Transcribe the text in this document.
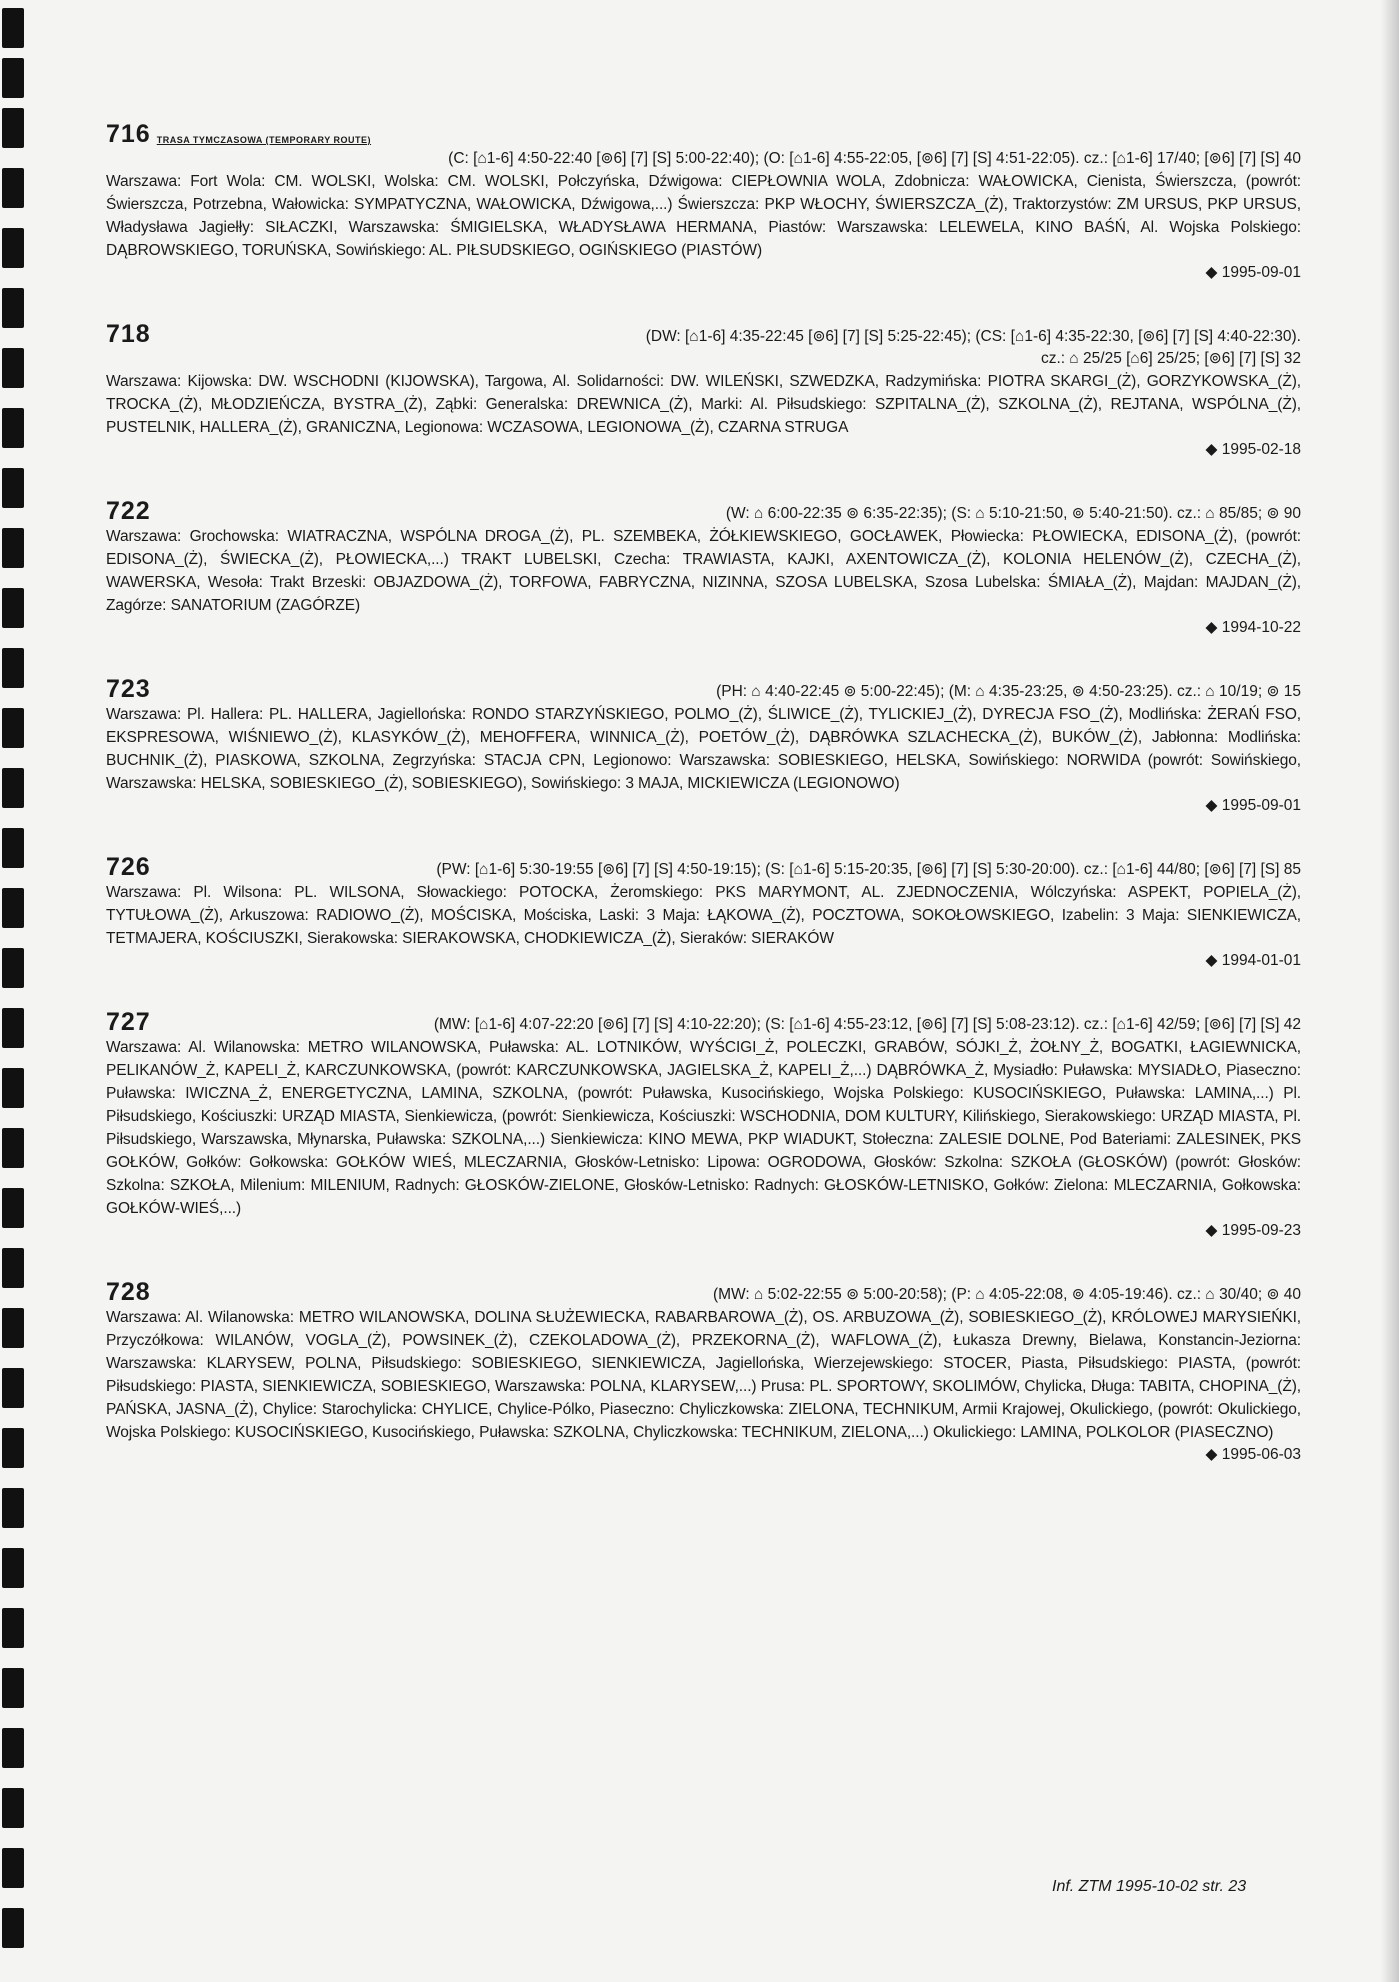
716 TRASA TYMCZASOWA (TEMPORARY ROUTE)
(C: [⌂1-6] 4:50-22:40 [⊚6] [7] [S] 5:00-22:40); (O: [⌂1-6] 4:55-22:05, [⊚6] [7] [S] 4:51-22:05). cz.: [⌂1-6] 17/40; [⊚6] [7] [S] 40
Warszawa: Fort Wola: CM. WOLSKI, Wolska: CM. WOLSKI, Połczyńska, Dźwigowa: CIEPŁOWNIA WOLA, Zdobnicza: WAŁOWICKA, Cienista, Świerszcza, (powrót: Świerszcza, Potrzebna, Wałowicka: SYMPATYCZNA, WAŁOWICKA, Dźwigowa,...) Świerszcza: PKP WŁOCHY, ŚWIERSZCZA_(Ż), Traktorzystów: ZM URSUS, PKP URSUS, Władysława Jagiełły: SIŁACZKI, Warszawska: ŚMIGIELSKA, WŁADYSŁAWA HERMANA, Piastów: Warszawska: LELEWELA, KINO BAŚŃ, Al. Wojska Polskiego: DĄBROWSKIEGO, TORUŃSKA, Sowińskiego: AL. PIŁSUDSKIEGO, OGIŃSKIEGO (PIASTÓW)
◆ 1995-09-01
718	(DW: [⌂1-6] 4:35-22:45 [⊚6] [7] [S] 5:25-22:45); (CS: [⌂1-6] 4:35-22:30, [⊚6] [7] [S] 4:40-22:30).
cz.: ⌂ 25/25 [⌂6] 25/25; [⊚6] [7] [S] 32
Warszawa: Kijowska: DW. WSCHODNI (KIJOWSKA), Targowa, Al. Solidarności: DW. WILEŃSKI, SZWEDZKA, Radzymińska: PIOTRA SKARGI_(Ż), GORZYKOWSKA_(Ż), TROCKA_(Ż), MŁODZIEŃCZA, BYSTRA_(Ż), Ząbki: Generalska: DREWNICA_(Ż), Marki: Al. Piłsudskiego: SZPITALNA_(Ż), SZKOLNA_(Ż), REJTANA, WSPÓLNA_(Ż), PUSTELNIK, HALLERA_(Ż), GRANICZNA, Legionowa: WCZASOWA, LEGIONOWA_(Ż), CZARNA STRUGA
◆ 1995-02-18
722	(W: ⌂ 6:00-22:35 ⊚ 6:35-22:35); (S: ⌂ 5:10-21:50, ⊚ 5:40-21:50). cz.: ⌂ 85/85; ⊚ 90
Warszawa: Grochowska: WIATRACZNA, WSPÓLNA DROGA_(Ż), PL. SZEMBEKA, ŻÓŁKIEWSKIEGO, GOCŁAWEK, Płowiecka: PŁOWIECKA, EDISONA_(Ż), (powrót: EDISONA_(Ż), ŚWIECKA_(Ż), PŁOWIECKA,...) TRAKT LUBELSKI, Czecha: TRAWIASTA, KAJKI, AXENTOWICZA_(Ż), KOLONIA HELENÓW_(Ż), CZECHA_(Ż), WAWERSKA, Wesoła: Trakt Brzeski: OBJAZDOWA_(Ż), TORFOWA, FABRYCZNA, NIZINNA, SZOSA LUBELSKA, Szosa Lubelska: ŚMIAŁA_(Ż), Majdan: MAJDAN_(Ż), Zagórze: SANATORIUM (ZAGÓRZE)
◆ 1994-10-22
723	(PH: ⌂ 4:40-22:45 ⊚ 5:00-22:45); (M: ⌂ 4:35-23:25, ⊚ 4:50-23:25). cz.: ⌂ 10/19; ⊚ 15
Warszawa: Pl. Hallera: PL. HALLERA, Jagiellońska: RONDO STARZYŃSKIEGO, POLMO_(Ż), ŚLIWICE_(Ż), TYLICKIEJ_(Ż), DYRECJA FSO_(Ż), Modlińska: ŻERAŃ FSO, EKSPRESOWA, WIŚNIEWO_(Ż), KLASYKÓW_(Ż), MEHOFFERA, WINNICA_(Ż), POETÓW_(Ż), DĄBRÓWKA SZLACHECKA_(Ż), BUKÓW_(Ż), Jabłonna: Modlińska: BUCHNIK_(Ż), PIASKOWA, SZKOLNA, Zegrzyńska: STACJA CPN, Legionowo: Warszawska: SOBIESKIEGO, HELSKA, Sowińskiego: NORWIDA (powrót: Sowińskiego, Warszawska: HELSKA, SOBIESKIEGO_(Ż), SOBIESKIEGO), Sowińskiego: 3 MAJA, MICKIEWICZA (LEGIONOWO)
◆ 1995-09-01
726	(PW: [⌂1-6] 5:30-19:55 [⊚6] [7] [S] 4:50-19:15); (S: [⌂1-6] 5:15-20:35, [⊚6] [7] [S] 5:30-20:00). cz.: [⌂1-6] 44/80; [⊚6] [7] [S] 85
Warszawa: Pl. Wilsona: PL. WILSONA, Słowackiego: POTOCKA, Żeromskiego: PKS MARYMONT, AL. ZJEDNOCZENIA, Wólczyńska: ASPEKT, POPIELA_(Ż), TYTUŁOWA_(Ż), Arkuszowa: RADIOWO_(Ż), MOŚCISKA, Mościska, Laski: 3 Maja: ŁĄKOWA_(Ż), POCZTOWA, SOKOŁOWSKIEGO, Izabelin: 3 Maja: SIENKIEWICZA, TETMAJERA, KOŚCIUSZKI, Sierakowska: SIERAKOWSKA, CHODKIEWICZA_(Ż), Sieraków: SIERAKÓW
◆ 1994-01-01
727	(MW: [⌂1-6] 4:07-22:20 [⊚6] [7] [S] 4:10-22:20); (S: [⌂1-6] 4:55-23:12, [⊚6] [7] [S] 5:08-23:12). cz.: [⌂1-6] 42/59; [⊚6] [7] [S] 42
Warszawa: Al. Wilanowska: METRO WILANOWSKA, Puławska: AL. LOTNIKÓW, WYŚCIGI_Ż, POLECZKI, GRABÓW, SÓJKI_Ż, ŻOŁNY_Ż, BOGATKI, ŁAGIEWNICKA, PELIKANÓW_Ż, KAPELI_Ż, KARCZUNKOWSKA, (powrót: KARCZUNKOWSKA, JAGIELSKA_Ż, KAPELI_Ż,...) DĄBRÓWKA_Ż, Mysiadło: Puławska: MYSIADŁO, Piaseczno: Puławska: IWICZNA_Ż, ENERGETYCZNA, LAMINA, SZKOLNA, (powrót: Puławska, Kusocińskiego, Wojska Polskiego: KUSOCIŃSKIEGO, Puławska: LAMINA,...) Pl. Piłsudskiego, Kościuszki: URZĄD MIASTA, Sienkiewicza, (powrót: Sienkiewicza, Kościuszki: WSCHODNIA, DOM KULTURY, Kilińskiego, Sierakowskiego: URZĄD MIASTA, Pl. Piłsudskiego, Warszawska, Młynarska, Puławska: SZKOLNA,...) Sienkiewicza: KINO MEWA, PKP WIADUKT, Stołeczna: ZALESIE DOLNE, Pod Bateriami: ZALESINEK, PKS GOŁKÓW, Gołków: Gołkowska: GOŁKÓW WIEŚ, MLECZARNIA, Głosków-Letnisko: Lipowa: OGRODOWA, Głosków: Szkolna: SZKOŁA (GŁOSKÓW) (powrót: Głosków: Szkolna: SZKOŁA, Milenium: MILENIUM, Radnych: GŁOSKÓW-ZIELONE, Głosków-Letnisko: Radnych: GŁOSKÓW-LETNISKO, Gołków: Zielona: MLECZARNIA, Gołkowska: GOŁKÓW-WIEŚ,...)
◆ 1995-09-23
728	(MW: ⌂ 5:02-22:55 ⊚ 5:00-20:58); (P: ⌂ 4:05-22:08, ⊚ 4:05-19:46). cz.: ⌂ 30/40; ⊚ 40
Warszawa: Al. Wilanowska: METRO WILANOWSKA, DOLINA SŁUŻEWIECKA, RABARBAROWA_(Ż), OS. ARBUZOWA_(Ż), SOBIESKIEGO_(Ż), KRÓLOWEJ MARYSIEŃKI, Przyczółkowa: WILANÓW, VOGLA_(Ż), POWSINEK_(Ż), CZEKOLADOWA_(Ż), PRZEKORNA_(Ż), WAFLOWA_(Ż), Łukasza Drewny, Bielawa, Konstancin-Jeziorna: Warszawska: KLARYSEW, POLNA, Piłsudskiego: SOBIESKIEGO, SIENKIEWICZA, Jagiellońska, Wierzejewskiego: STOCER, Piasta, Piłsudskiego: PIASTA, (powrót: Piłsudskiego: PIASTA, SIENKIEWICZA, SOBIESKIEGO, Warszawska: POLNA, KLARYSEW,...) Prusa: PL. SPORTOWY, SKOLIMÓW, Chylicka, Długa: TABITA, CHOPINA_(Ż), PAŃSKA, JASNA_(Ż), Chylice: Starochylicka: CHYLICE, Chylice-Pólko, Piaseczno: Chyliczkowska: ZIELONA, TECHNIKUM, Armii Krajowej, Okulickiego, (powrót: Okulickiego, Wojska Polskiego: KUSOCIŃSKIEGO, Kusocińskiego, Puławska: SZKOLNA, Chyliczkowska: TECHNIKUM, ZIELONA,...) Okulickiego: LAMINA, POLKOLOR (PIASECZNO)
◆ 1995-06-03
Inf. ZTM 1995-10-02 str. 23
